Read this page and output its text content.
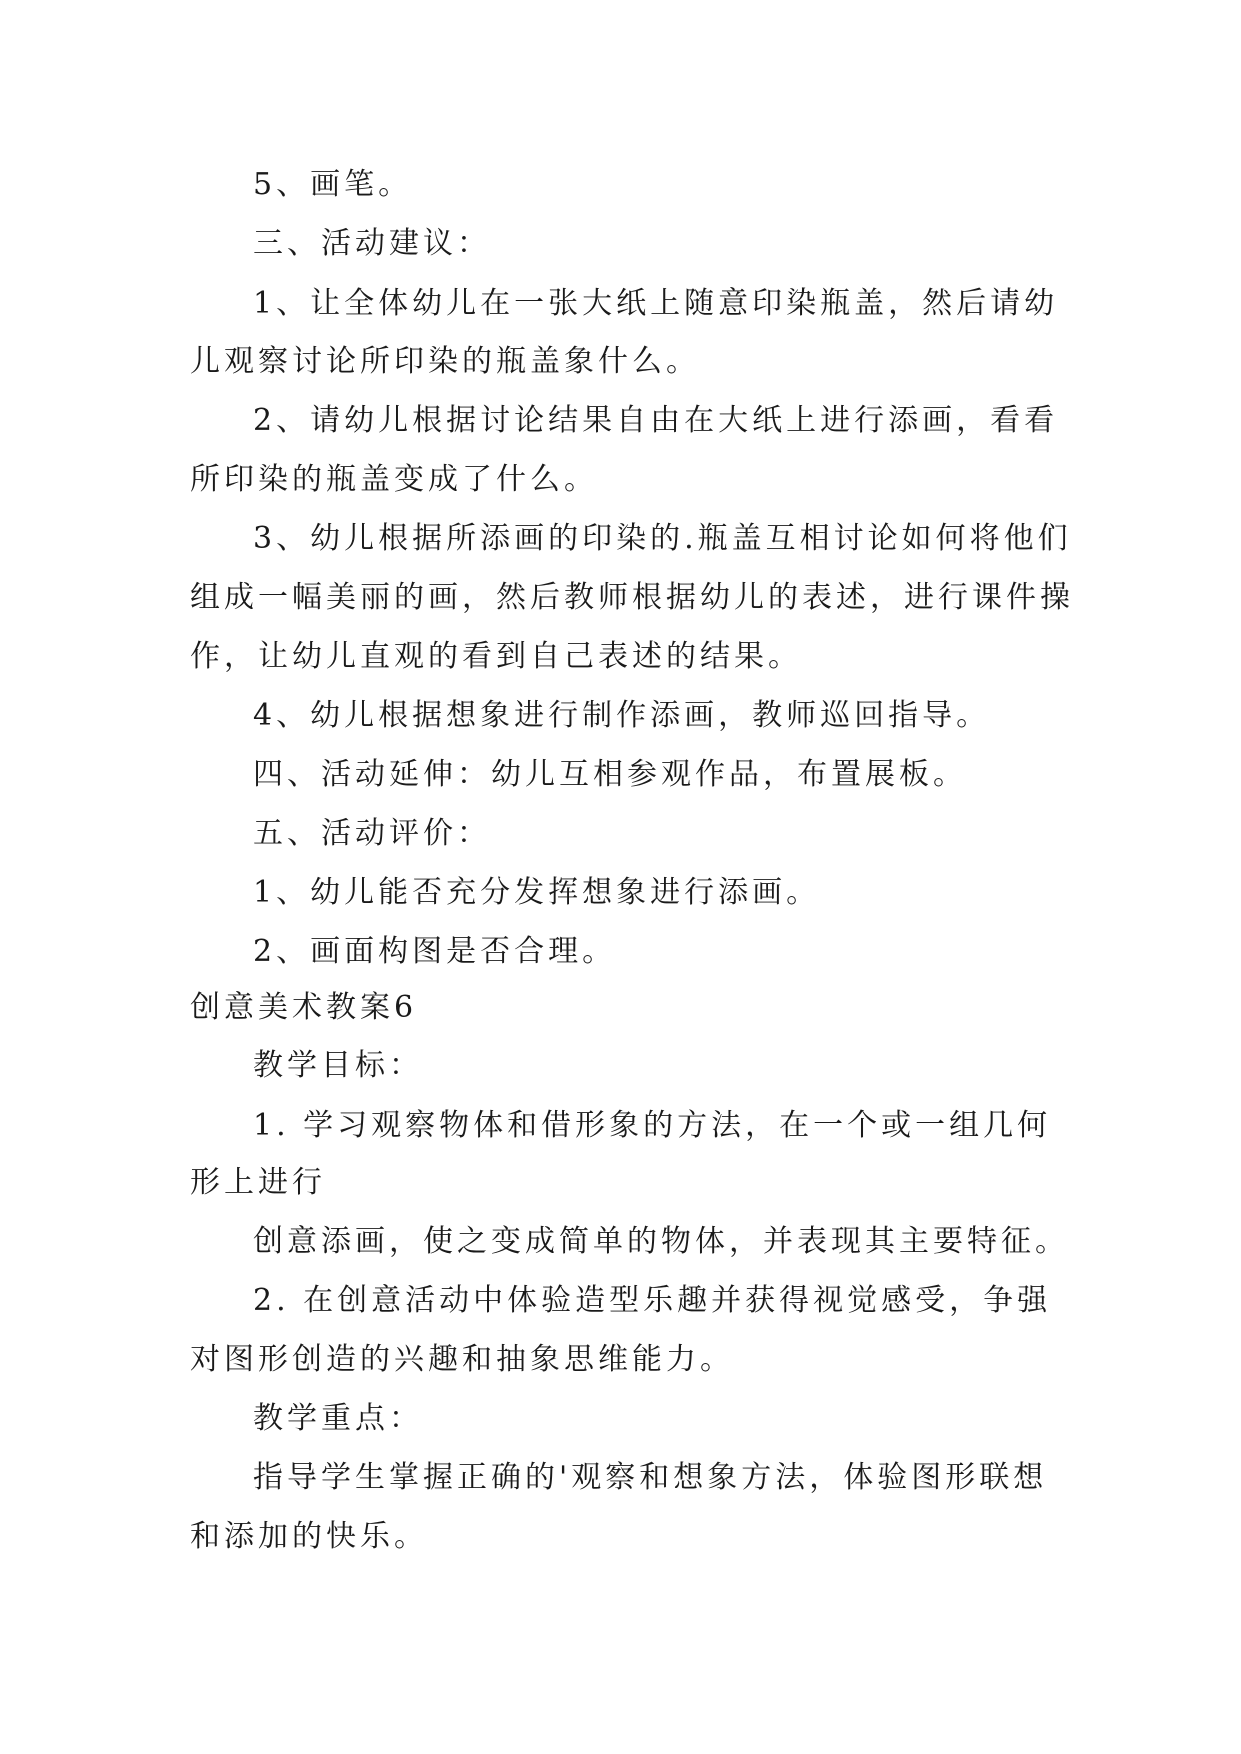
5、画笔。
三、活动建议：
1、让全体幼儿在一张大纸上随意印染瓶盖，然后请幼
儿观察讨论所印染的瓶盖象什么。
2、请幼儿根据讨论结果自由在大纸上进行添画，看看
所印染的瓶盖变成了什么。
3、幼儿根据所添画的印染的.瓶盖互相讨论如何将他们
组成一幅美丽的画，然后教师根据幼儿的表述，进行课件操
作，让幼儿直观的看到自己表述的结果。
4、幼儿根据想象进行制作添画，教师巡回指导。
四、活动延伸：幼儿互相参观作品，布置展板。
五、活动评价：
1、幼儿能否充分发挥想象进行添画。
2、画面构图是否合理。
创意美术教案6
教学目标：
1. 学习观察物体和借形象的方法，在一个或一组几何
形上进行
创意添画，使之变成简单的物体，并表现其主要特征。
2. 在创意活动中体验造型乐趣并获得视觉感受，争强
对图形创造的兴趣和抽象思维能力。
教学重点：
指导学生掌握正确的'观察和想象方法，体验图形联想
和添加的快乐。
